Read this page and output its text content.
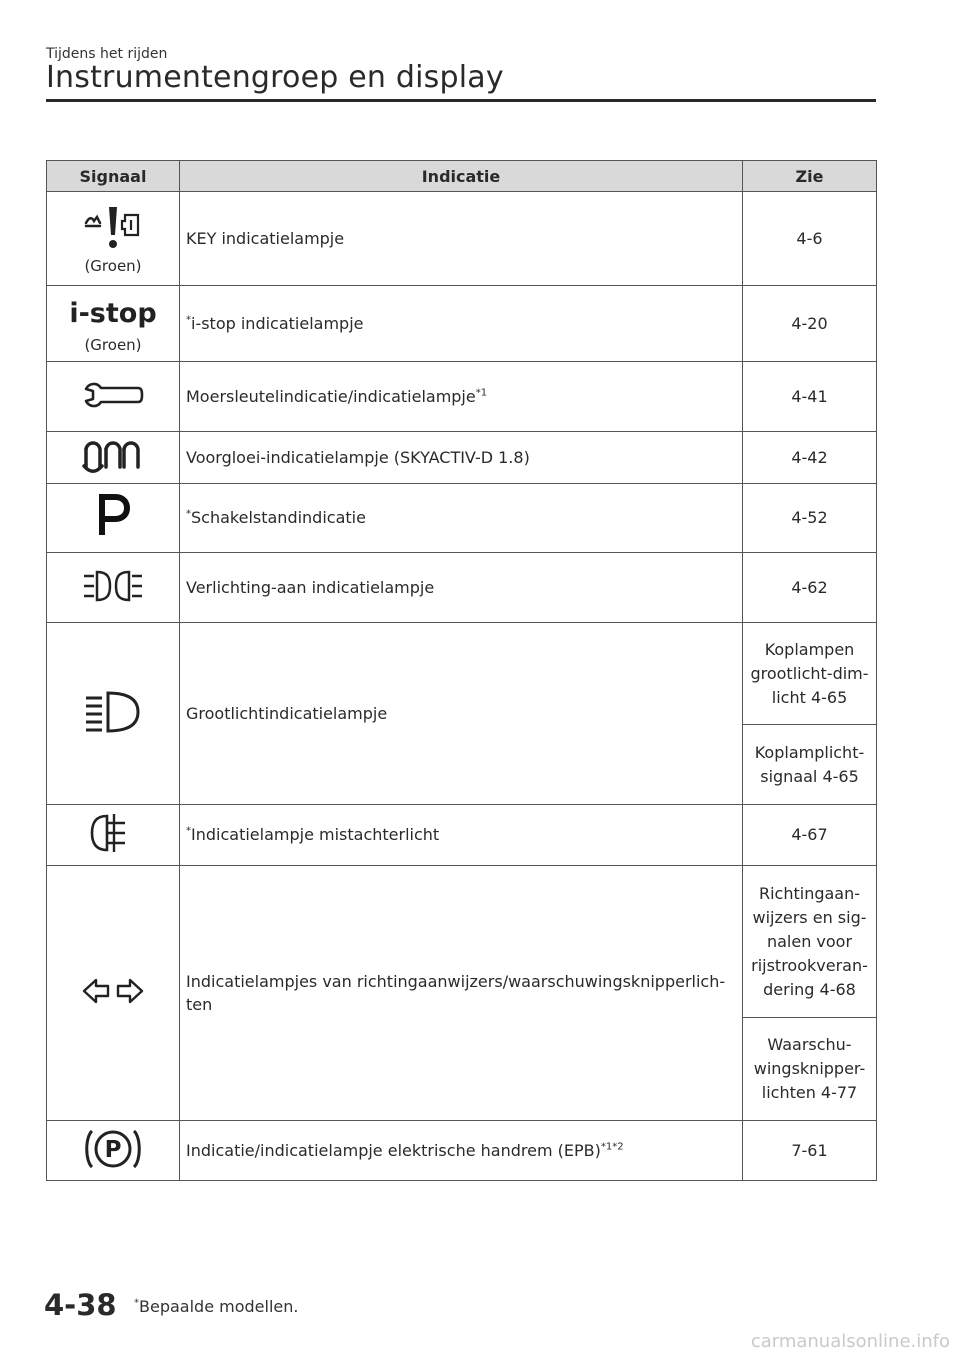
Tijdens het rijden
Instrumentengroep en display
Signaal	Indicatie	Zie

(Groen)	KEY indicatielampje	4-6

i-stop
(Groen)	*i-stop indicatielampje	4-20
	Moersleutelindicatie/indicatielampje$^{*1}$	4-41
	Voorgloei-indicatielampje (SKYACTIV-D 1.8)	4-42
	*Schakelstandindicatie	4-52
	Verlichting-aan indicatielampje	4-62
	Grootlichtindicatielampje	Koplampen grootlicht-dim-licht 4-65
		Koplamplicht-signaal 4-65
	*Indicatielampje mistachterlicht	4-67
	Indicatielampjes van richtingaanwijzers/waarschuwingsknipperlich-ten	Richtingaan-wijzers en sig-nalen voor rijstrookveran-dering 4-68
		Waarschu-wingsknipper-lichten 4-77

P	Indicatie/indicatielampje elektrische handrem (EPB)$^{*1*2}$	7-61
4-38 *Bepaalde modellen.
carmanualsonline.info
